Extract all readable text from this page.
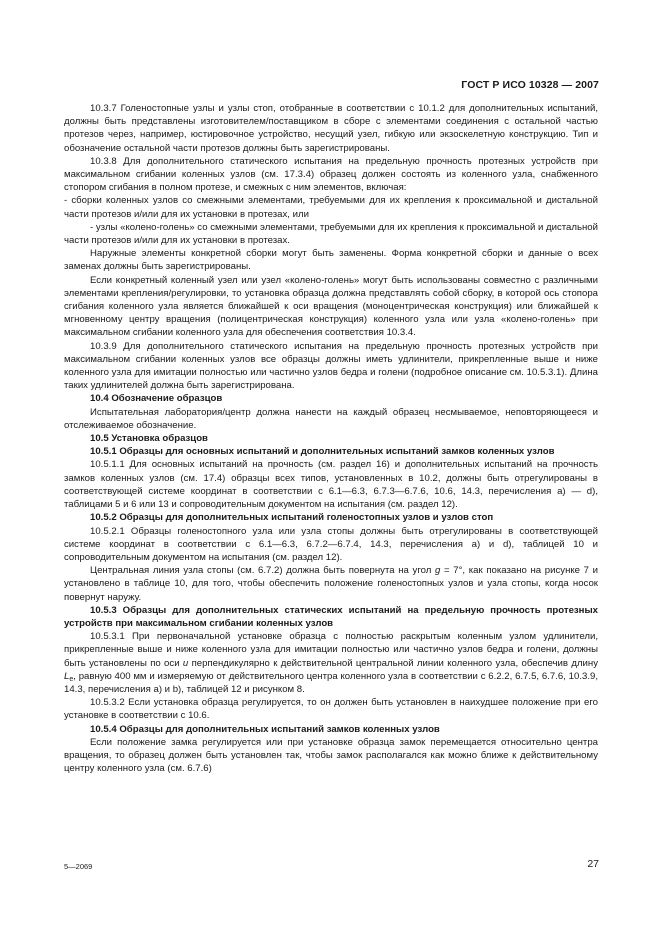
ГОСТ Р ИСО 10328 — 2007

10.3.7 Голеностопные узлы и узлы стоп, отобранные в соответствии с 10.1.2 для дополнительных испытаний, должны быть представлены изготовителем/поставщиком в сборе с элементами соединения с остальной частью протезов через, например, юстировочное устройство, несущий узел, гибкую или экзоскелетную конструкцию. Тип и обозначение остальной части протезов должны быть зарегистрированы.

10.3.8 Для дополнительного статического испытания на предельную прочность протезных устройств при максимальном сгибании коленных узлов (см. 17.3.4) образец должен состоять из коленного узла, снабженного стопором сгибания в полном протезе, и смежных с ним элементов, включая:

- сборки коленных узлов со смежными элементами, требуемыми для их крепления к проксимальной и дистальной части протезов и/или для их установки в протезах, или

- узлы «колено-голень» со смежными элементами, требуемыми для их крепления к проксимальной и дистальной части протезов и/или для их установки в протезах.

Наружные элементы конкретной сборки могут быть заменены. Форма конкретной сборки и данные о всех заменах должны быть зарегистрированы.

Если конкретный коленный узел или узел «колено-голень» могут быть использованы совместно с различными элементами крепления/регулировки, то установка образца должна представлять собой сборку, в которой ось стопора сгибания коленного узла является ближайшей к оси вращения (моноцентрическая конструкция) или ближайшей к мгновенному центру вращения (полицентрическая конструкция) коленного узла или узла «колено-голень» при максимальном сгибании коленного узла для обеспечения соответствия 10.3.4.

10.3.9 Для дополнительного статического испытания на предельную прочность протезных устройств при максимальном сгибании коленных узлов все образцы должны иметь удлинители, прикрепленные выше и ниже коленного узла для имитации полностью или частично узлов бедра и голени (подробное описание см. 10.5.3.1). Длина таких удлинителей должна быть зарегистрирована.

10.4 Обозначение образцов

Испытательная лаборатория/центр должна нанести на каждый образец несмываемое, неповторяющееся и отслеживаемое обозначение.

10.5 Установка образцов

10.5.1 Образцы для основных испытаний и дополнительных испытаний замков коленных узлов

10.5.1.1 Для основных испытаний на прочность (см. раздел 16) и дополнительных испытаний на прочность замков коленных узлов (см. 17.4) образцы всех типов, установленных в 10.2, должны быть отрегулированы в соответствующей системе координат в соответствии с 6.1—6.3, 6.7.3—6.7.6, 10.6, 14.3, перечисления а) — d), таблицами 5 и 6 или 13 и сопроводительным документом на испытания (см. раздел 12).

10.5.2 Образцы для дополнительных испытаний голеностопных узлов и узлов стоп

10.5.2.1 Образцы голеностопного узла или узла стопы должны быть отрегулированы в соответствующей системе координат в соответствии с 6.1—6.3, 6.7.2—6.7.4, 14.3, перечисления а) и d), таблицей 10 и сопроводительным документом на испытания (см. раздел 12).

Центральная линия узла стопы (см. 6.7.2) должна быть повернута на угол g = 7°, как показано на рисунке 7 и установлено в таблице 10, для того, чтобы обеспечить положение голеностопных узлов и узла стопы, когда носок повернут наружу.

10.5.3 Образцы для дополнительных статических испытаний на предельную прочность протезных устройств при максимальном сгибании коленных узлов

10.5.3.1 При первоначальной установке образца с полностью раскрытым коленным узлом удлинители, прикрепленные выше и ниже коленного узла для имитации полностью или частично узлов бедра и голени, должны быть установлены по оси u перпендикулярно к действительной центральной линии коленного узла, обеспечив длину $L_e$, равную 400 мм и измеряемую от действительного центра коленного узла в соответствии с 6.2.2, 6.7.5, 6.7.6, 10.3.9, 14.3, перечисления а) и b), таблицей 12 и рисунком 8.

10.5.3.2 Если установка образца регулируется, то он должен быть установлен в наихудшее положение при его установке в соответствии с 10.6.

10.5.4 Образцы для дополнительных испытаний замков коленных узлов

Если положение замка регулируется или при установке образца замок перемещается относительно центра вращения, то образец должен быть установлен так, чтобы замок располагался как можно ближе к действительному центру коленного узла (см. 6.7.6)

5—2069	27
